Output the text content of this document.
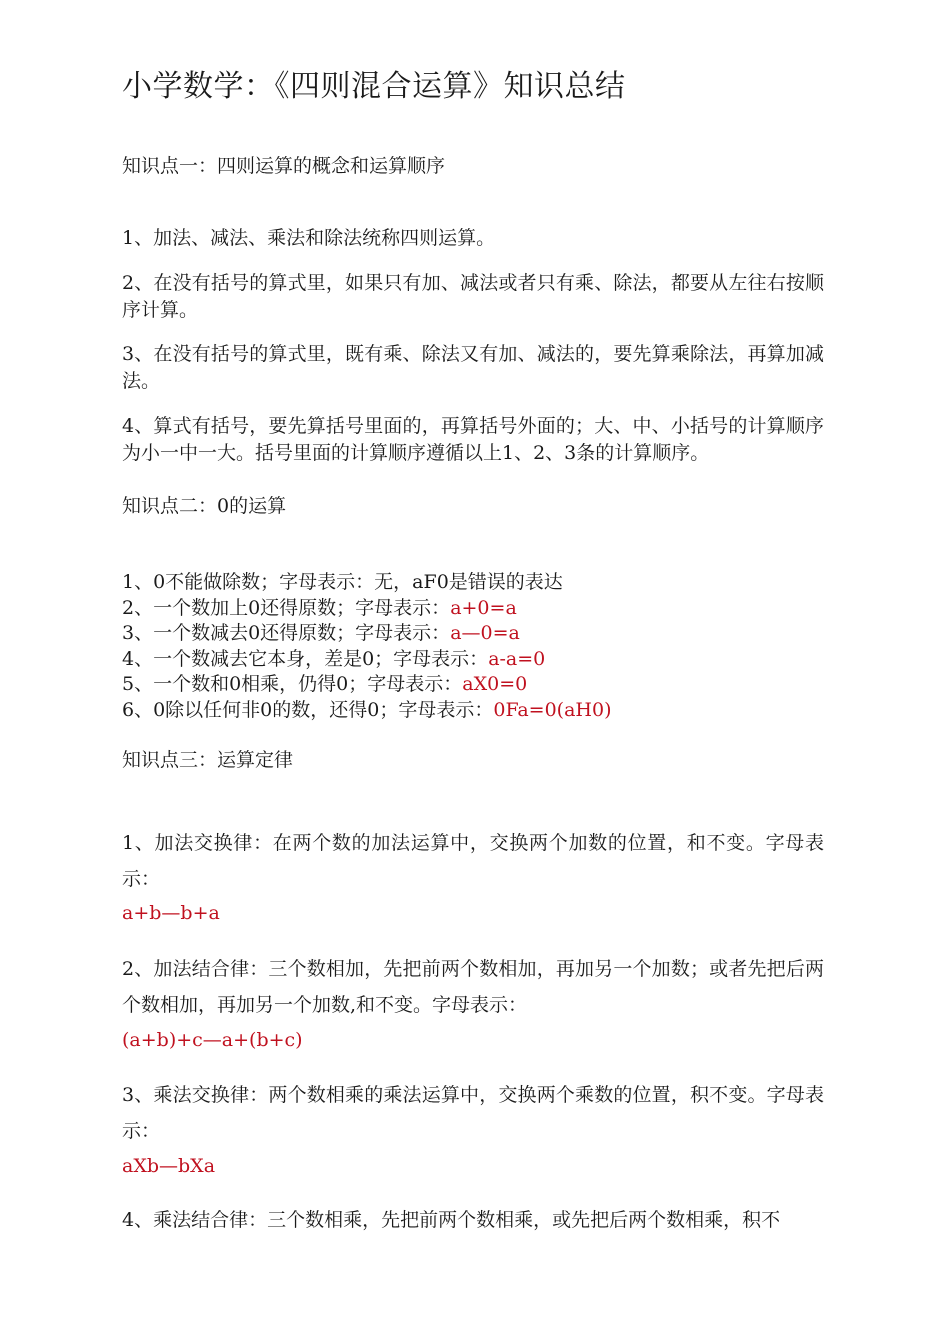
小学数学：《四则混合运算》知识总结
知识点一：四则运算的概念和运算顺序
1、加法、减法、乘法和除法统称四则运算。
2、在没有括号的算式里，如果只有加、减法或者只有乘、除法，都要从左往右按顺序计算。
3、在没有括号的算式里，既有乘、除法又有加、减法的，要先算乘除法，再算加减法。
4、算式有括号，要先算括号里面的，再算括号外面的；大、中、小括号的计算顺序为小一中一大。括号里面的计算顺序遵循以上1、2、3条的计算顺序。
知识点二：0的运算
1、0不能做除数；字母表示：无，aF0是错误的表达
2、一个数加上0还得原数；字母表示：a+0=a
3、一个数减去0还得原数；字母表示：a—0=a
4、一个数减去它本身，差是0；字母表示：a-a=0
5、一个数和0相乘，仍得0；字母表示：aX0=0
6、0除以任何非0的数，还得0；字母表示：0Fa=0(aH0)
知识点三：运算定律
1、加法交换律：在两个数的加法运算中，交换两个加数的位置，和不变。字母表示：
a+b—b+a
2、加法结合律：三个数相加，先把前两个数相加，再加另一个加数；或者先把后两个数相加，再加另一个加数,和不变。字母表示：
(a+b)+c—a+(b+c)
3、乘法交换律：两个数相乘的乘法运算中，交换两个乘数的位置，积不变。字母表示：
aXb—bXa
4、乘法结合律：三个数相乘，先把前两个数相乘，或先把后两个数相乘，积不
